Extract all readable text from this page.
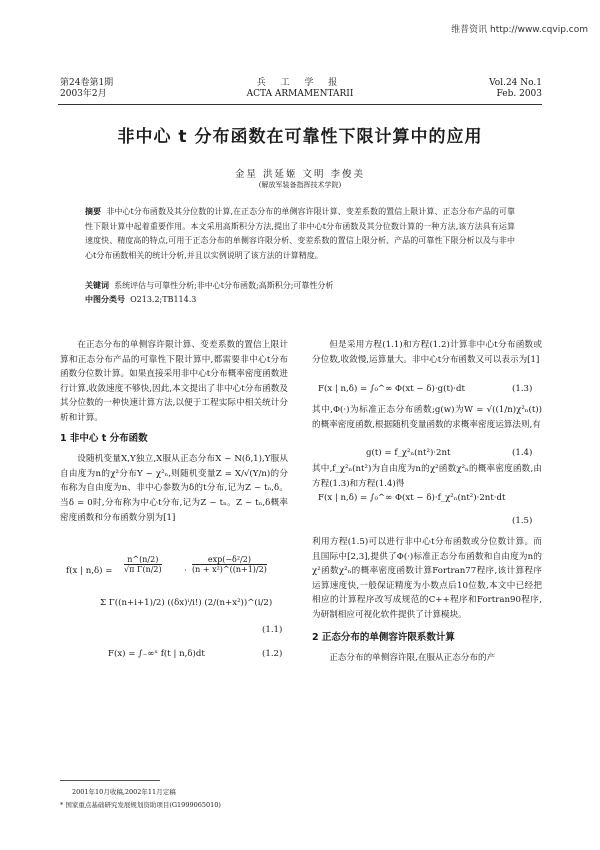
维普资讯 http://www.cqvip.com
第24卷第1期
2003年2月
兵 工 学 报
ACTA ARMAMENTARII
Vol.24 No.1
Feb. 2003
非中心 t 分布函数在可靠性下限计算中的应用
金星 洪延姬 文明 李俊美
(解放军装备指挥技术学院)
摘要 非中心t分布函数及其分位数的计算,在正态分布的单侧容许限计算、变差系数的置信上限计算、正态分布产品的可靠性下限计算中起着重要作用。本文采用高斯积分方法,提出了非中心t分布函数及其分位数计算的一种方法,该方法具有运算速度快、精度高的特点,可用于正态分布的单侧容许限分析、变差系数的置信上限分析、产品的可靠性下限分析以及与非中心t分布函数相关的统计分析,并且以实例说明了该方法的计算精度。
关键词 系统评估与可靠性分析;非中心t分布函数;高斯积分;可靠性分析
中图分类号 O213.2;TB114.3

在正态分布的单侧容许限计算、变差系数的置信上限计算和正态分布产品的可靠性下限计算中,都需要非中心t分布函数分位数计算。如果直接采用非中心t分布概率密度函数进行计算,收敛速度不够快,因此,本文提出了非中心t分布函数及其分位数的一种快速计算方法,以便于工程实际中相关统计分析和计算。

1 非中心 t 分布函数

设随机变量X,Y独立,X服从正态分布X ~ N(δ,1),Y服从自由度为n的χ²分布Y ~ χ²ₙ,则随机变量Z = X/√(Y/n)的分布称为自由度为n、非中心参数为δ的t分布,记为Z ~ tₙ,δ。当δ = 0时,分布称为中心t分布,记为Z ~ tₙ。Z ~ tₙ,δ概率密度函数和分布函数分别为[1]

f(x | $n,\delta) = \frac{n\^{}(n/2)}{\text{√π Γ(n/2)}}$	· $\frac{\text{exp(−δ²/2)}}{\text{(n + x²)\textasciicircum{}((n+1)/2)}}$
Σ Γ((n+i+1)/2) ((δx)ⁱ/i!) (2/(n+x²))^(i/2)
(1.1)
F(x) = ∫₋∞ˣ f(t | n,δ)dt	(1.2)

但是采用方程(1.1)和方程(1.2)计算非中心t分布函数或分位数,收敛慢,运算量大。非中心t分布函数又可以表示为[1]

F(x | n,δ) = ∫₀^∞ Φ(xt − δ)·g(t)·dt	(1.3)

其中,Φ(·)为标准正态分布函数;g(w)为W = √((1/n)χ²ₙ(t))的概率密度函数,根据随机变量函数的求概率密度运算法则,有

g(t) = f_χ²ₙ(nt²)·2nt	(1.4)

其中,f_χ²ₙ(nt²)为自由度为n的χ²函数χ²ₙ的概率密度函数,由方程(1.3)和方程(1.4)得

F(x | n,δ) = ∫₀^∞ Φ(xt − δ)·f_χ²ₙ(nt²)·2nt·dt
(1.5)

利用方程(1.5)可以进行非中心t分布函数或分位数计算。而且国际中[2,3],提供了Φ(·)标准正态分布函数和自由度为n的χ²函数χ²ₙ的概率密度函数计算Fortran77程序,该计算程序运算速度快,一般保证精度为小数点后10位数,本文中已经把相应的计算程序改写成规范的C++程序和Fortran90程序,为研制相应可视化软件提供了计算模块。

2 正态分布的单侧容许限系数计算

正态分布的单侧容许限,在服从正态分布的产

2001年10月收稿,2002年11月定稿
* 国家重点基础研究发展规划资助项目(G1999065010)
